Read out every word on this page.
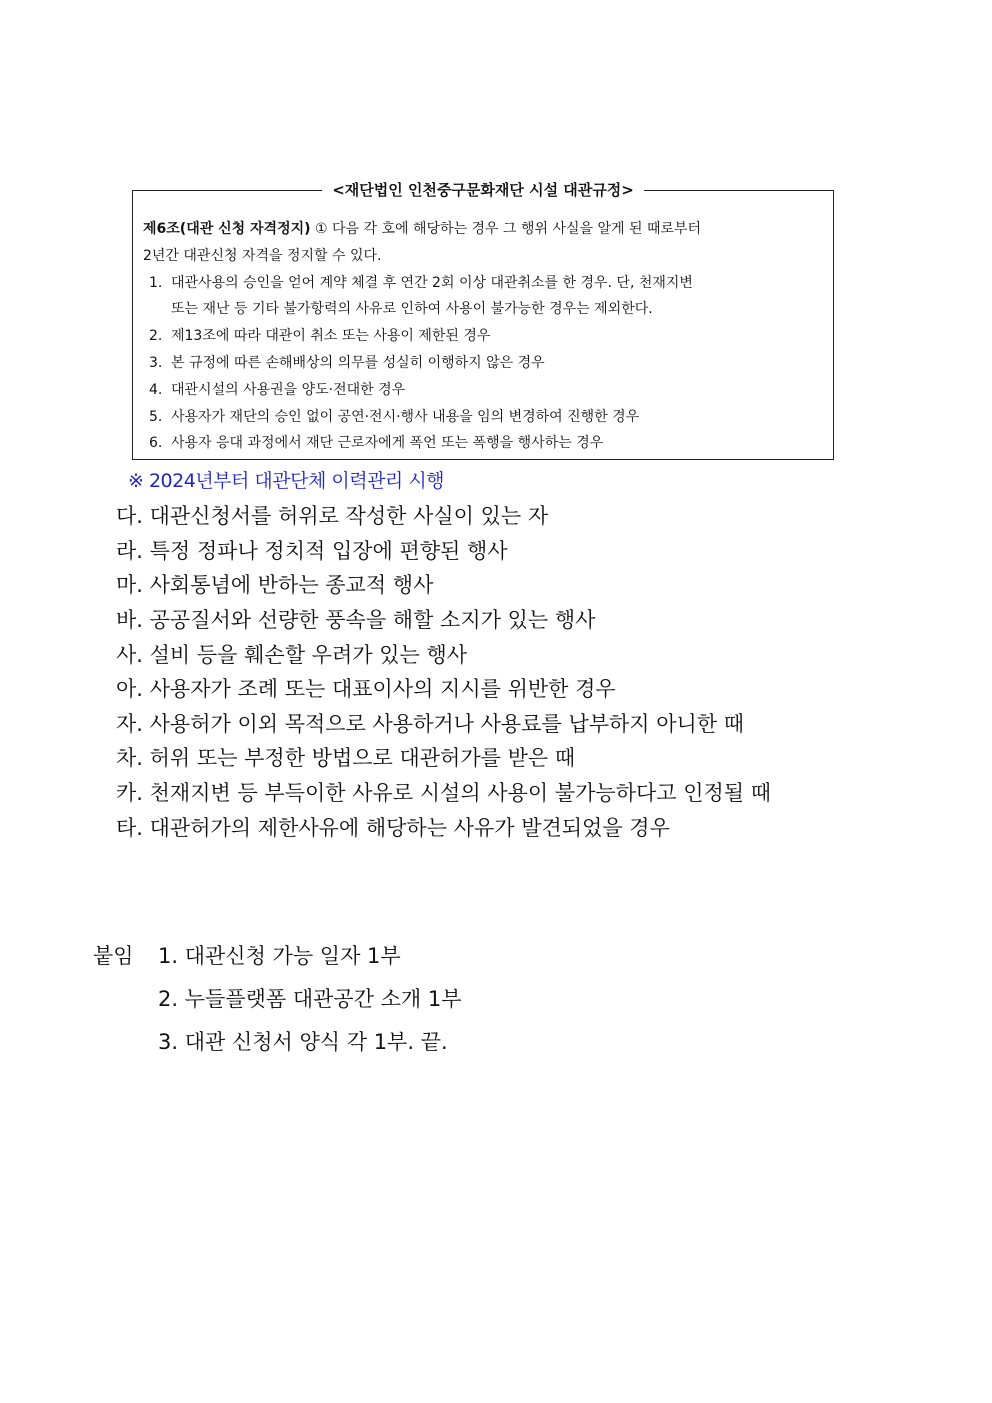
<재단법인 인천중구문화재단 시설 대관규정>
제6조(대관 신청 자격정지) ① 다음 각 호에 해당하는 경우 그 행위 사실을 알게 된 때로부터
2년간 대관신청 자격을 정지할 수 있다.
1. 대관사용의 승인을 얻어 계약 체결 후 연간 2회 이상 대관취소를 한 경우. 단, 천재지변
또는 재난 등 기타 불가항력의 사유로 인하여 사용이 불가능한 경우는 제외한다.
2. 제13조에 따라 대관이 취소 또는 사용이 제한된 경우
3. 본 규정에 따른 손해배상의 의무를 성실히 이행하지 않은 경우
4. 대관시설의 사용권을 양도·전대한 경우
5. 사용자가 재단의 승인 없이 공연·전시·행사 내용을 임의 변경하여 진행한 경우
6. 사용자 응대 과정에서 재단 근로자에게 폭언 또는 폭행을 행사하는 경우
※ 2024년부터 대관단체 이력관리 시행
다. 대관신청서를 허위로 작성한 사실이 있는 자
라. 특정 정파나 정치적 입장에 편향된 행사
마. 사회통념에 반하는 종교적 행사
바. 공공질서와 선량한 풍속을 해할 소지가 있는 행사
사. 설비 등을 훼손할 우려가 있는 행사
아. 사용자가 조례 또는 대표이사의 지시를 위반한 경우
자. 사용허가 이외 목적으로 사용하거나 사용료를 납부하지 아니한 때
차. 허위 또는 부정한 방법으로 대관허가를 받은 때
카. 천재지변 등 부득이한 사유로 시설의 사용이 불가능하다고 인정될 때
타. 대관허가의 제한사유에 해당하는 사유가 발견되었을 경우
붙임 1. 대관신청 가능 일자 1부
2. 누들플랫폼 대관공간 소개 1부
3. 대관 신청서 양식 각 1부. 끝.
